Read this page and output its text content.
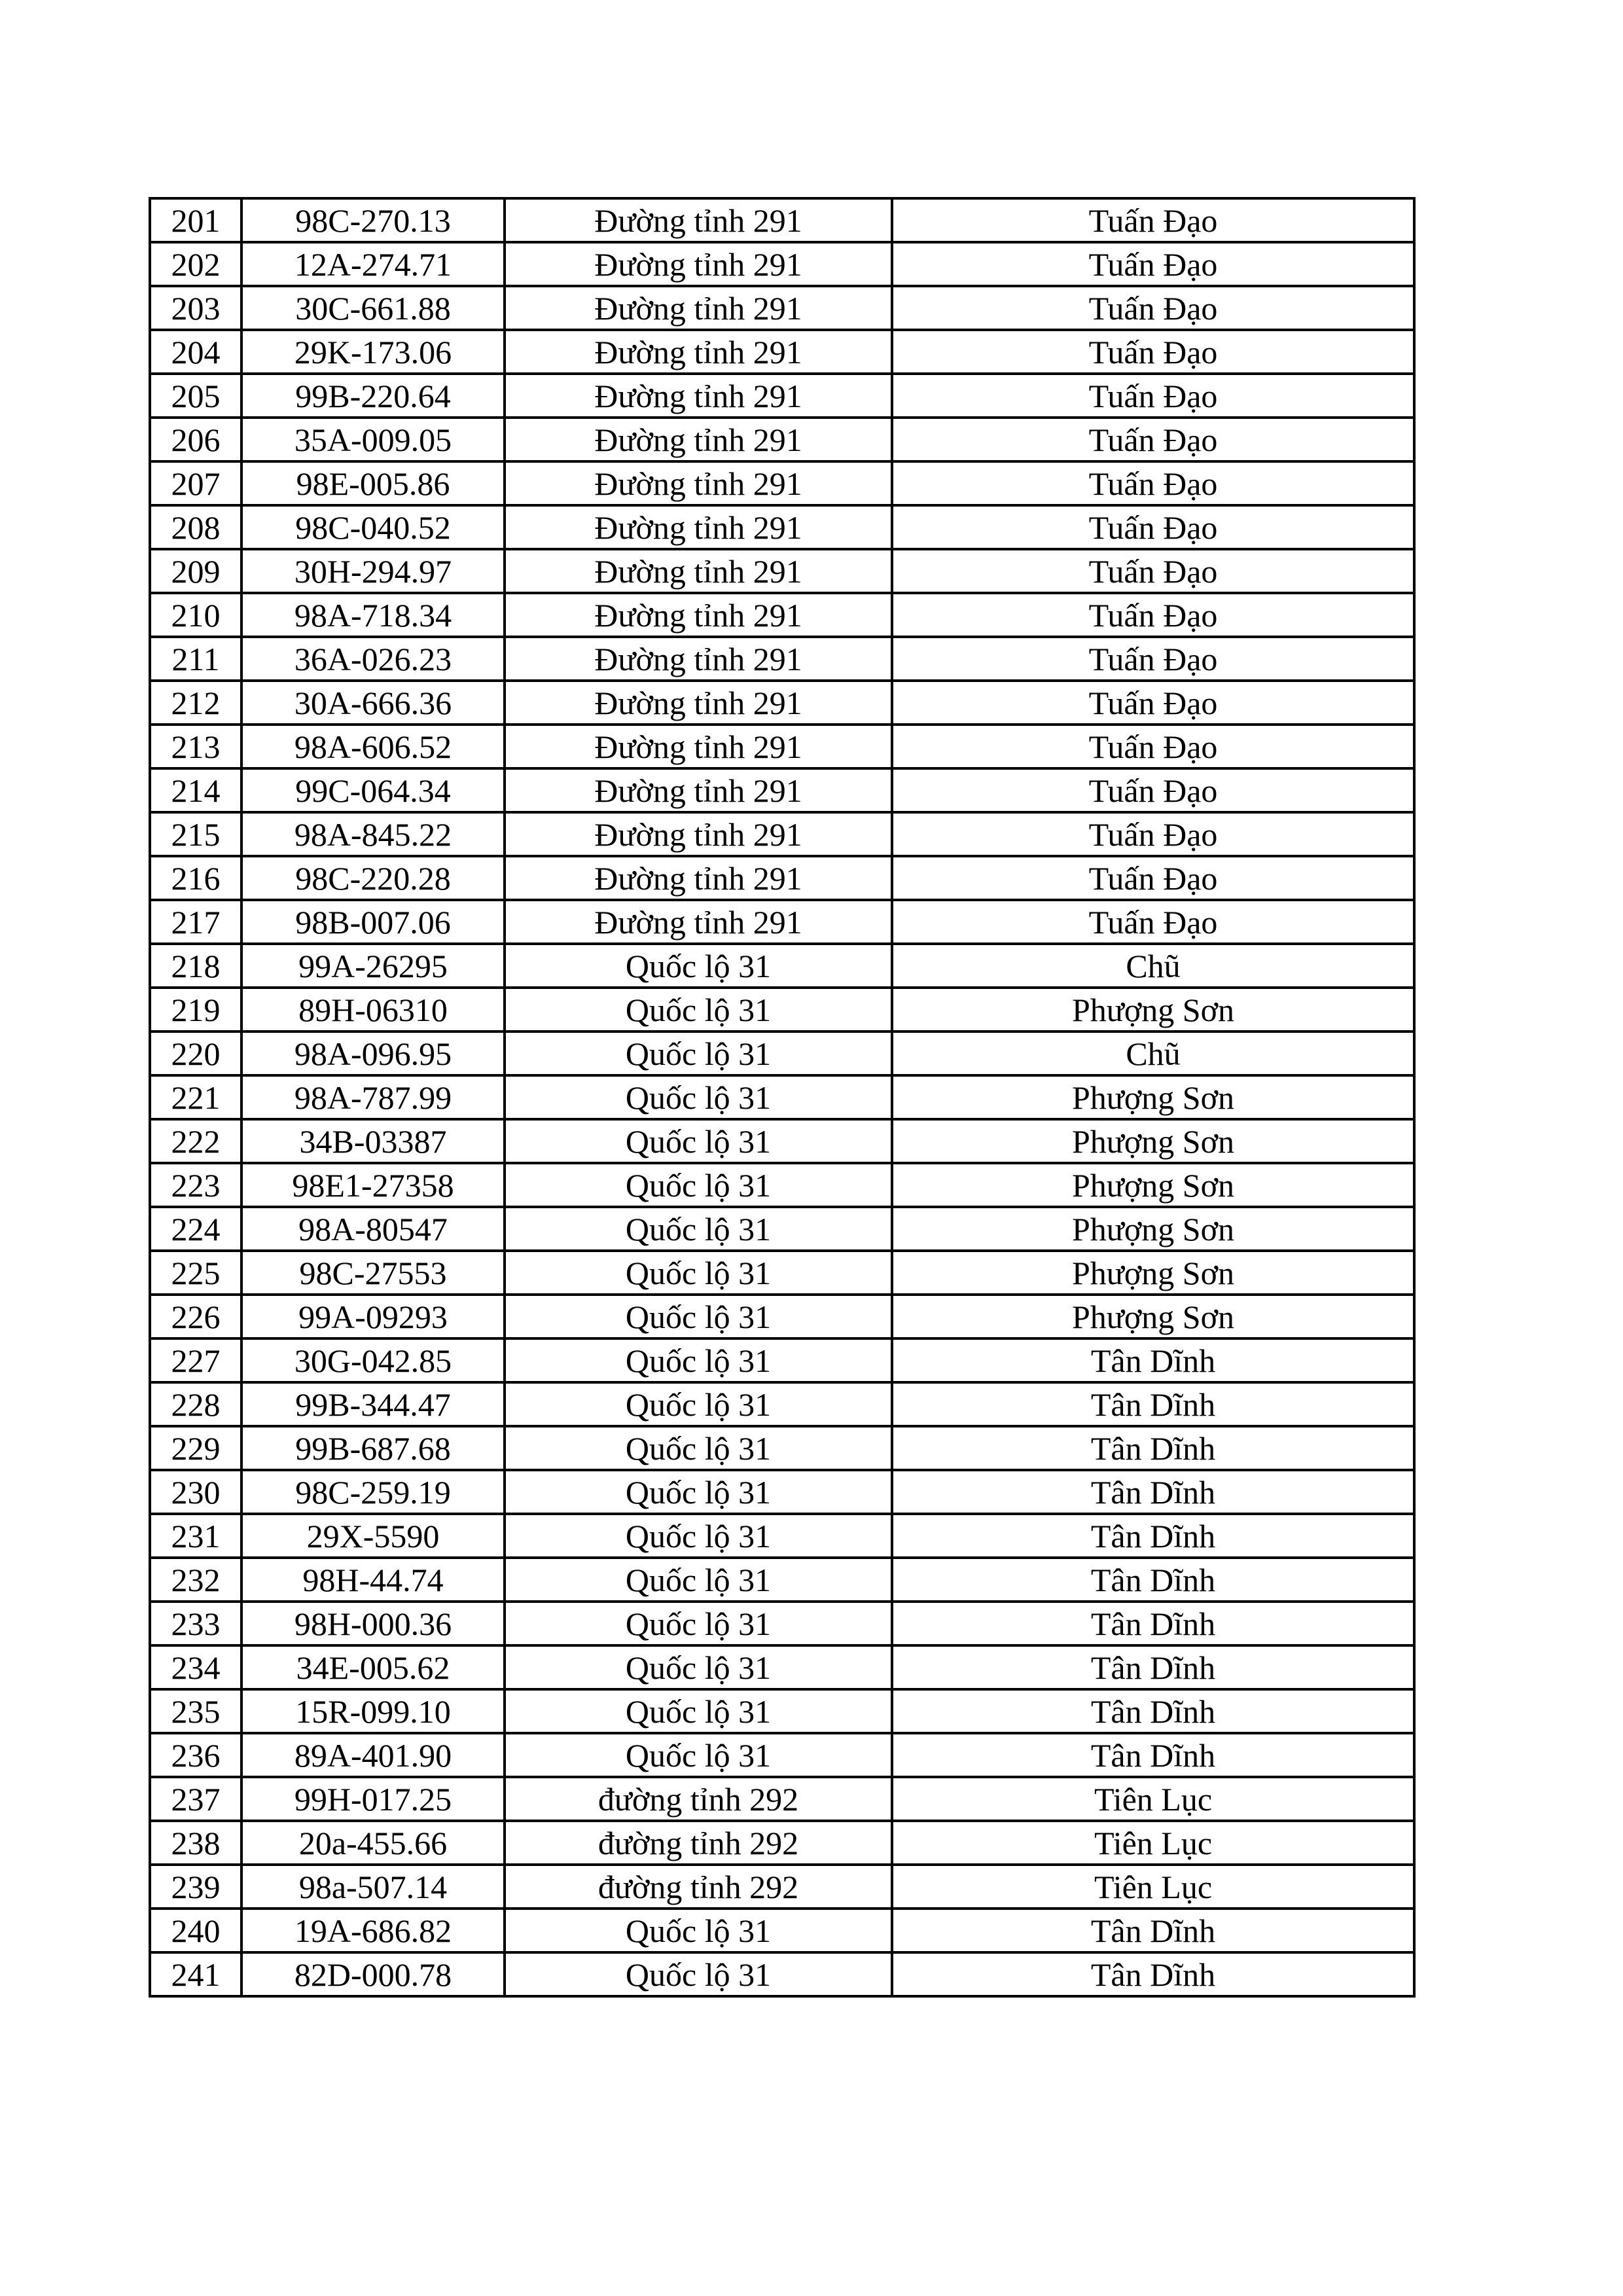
201	98C-270.13	Đường tỉnh 291	Tuấn Đạo
202	12A-274.71	Đường tỉnh 291	Tuấn Đạo
203	30C-661.88	Đường tỉnh 291	Tuấn Đạo
204	29K-173.06	Đường tỉnh 291	Tuấn Đạo
205	99B-220.64	Đường tỉnh 291	Tuấn Đạo
206	35A-009.05	Đường tỉnh 291	Tuấn Đạo
207	98E-005.86	Đường tỉnh 291	Tuấn Đạo
208	98C-040.52	Đường tỉnh 291	Tuấn Đạo
209	30H-294.97	Đường tỉnh 291	Tuấn Đạo
210	98A-718.34	Đường tỉnh 291	Tuấn Đạo
211	36A-026.23	Đường tỉnh 291	Tuấn Đạo
212	30A-666.36	Đường tỉnh 291	Tuấn Đạo
213	98A-606.52	Đường tỉnh 291	Tuấn Đạo
214	99C-064.34	Đường tỉnh 291	Tuấn Đạo
215	98A-845.22	Đường tỉnh 291	Tuấn Đạo
216	98C-220.28	Đường tỉnh 291	Tuấn Đạo
217	98B-007.06	Đường tỉnh 291	Tuấn Đạo
218	99A-26295	Quốc lộ 31	Chũ
219	89H-06310	Quốc lộ 31	Phượng Sơn
220	98A-096.95	Quốc lộ 31	Chũ
221	98A-787.99	Quốc lộ 31	Phượng Sơn
222	34B-03387	Quốc lộ 31	Phượng Sơn
223	98E1-27358	Quốc lộ 31	Phượng Sơn
224	98A-80547	Quốc lộ 31	Phượng Sơn
225	98C-27553	Quốc lộ 31	Phượng Sơn
226	99A-09293	Quốc lộ 31	Phượng Sơn
227	30G-042.85	Quốc lộ 31	Tân Dĩnh
228	99B-344.47	Quốc lộ 31	Tân Dĩnh
229	99B-687.68	Quốc lộ 31	Tân Dĩnh
230	98C-259.19	Quốc lộ 31	Tân Dĩnh
231	29X-5590	Quốc lộ 31	Tân Dĩnh
232	98H-44.74	Quốc lộ 31	Tân Dĩnh
233	98H-000.36	Quốc lộ 31	Tân Dĩnh
234	34E-005.62	Quốc lộ 31	Tân Dĩnh
235	15R-099.10	Quốc lộ 31	Tân Dĩnh
236	89A-401.90	Quốc lộ 31	Tân Dĩnh
237	99H-017.25	đường tỉnh 292	Tiên Lục
238	20a-455.66	đường tỉnh 292	Tiên Lục
239	98a-507.14	đường tỉnh 292	Tiên Lục
240	19A-686.82	Quốc lộ 31	Tân Dĩnh
241	82D-000.78	Quốc lộ 31	Tân Dĩnh
